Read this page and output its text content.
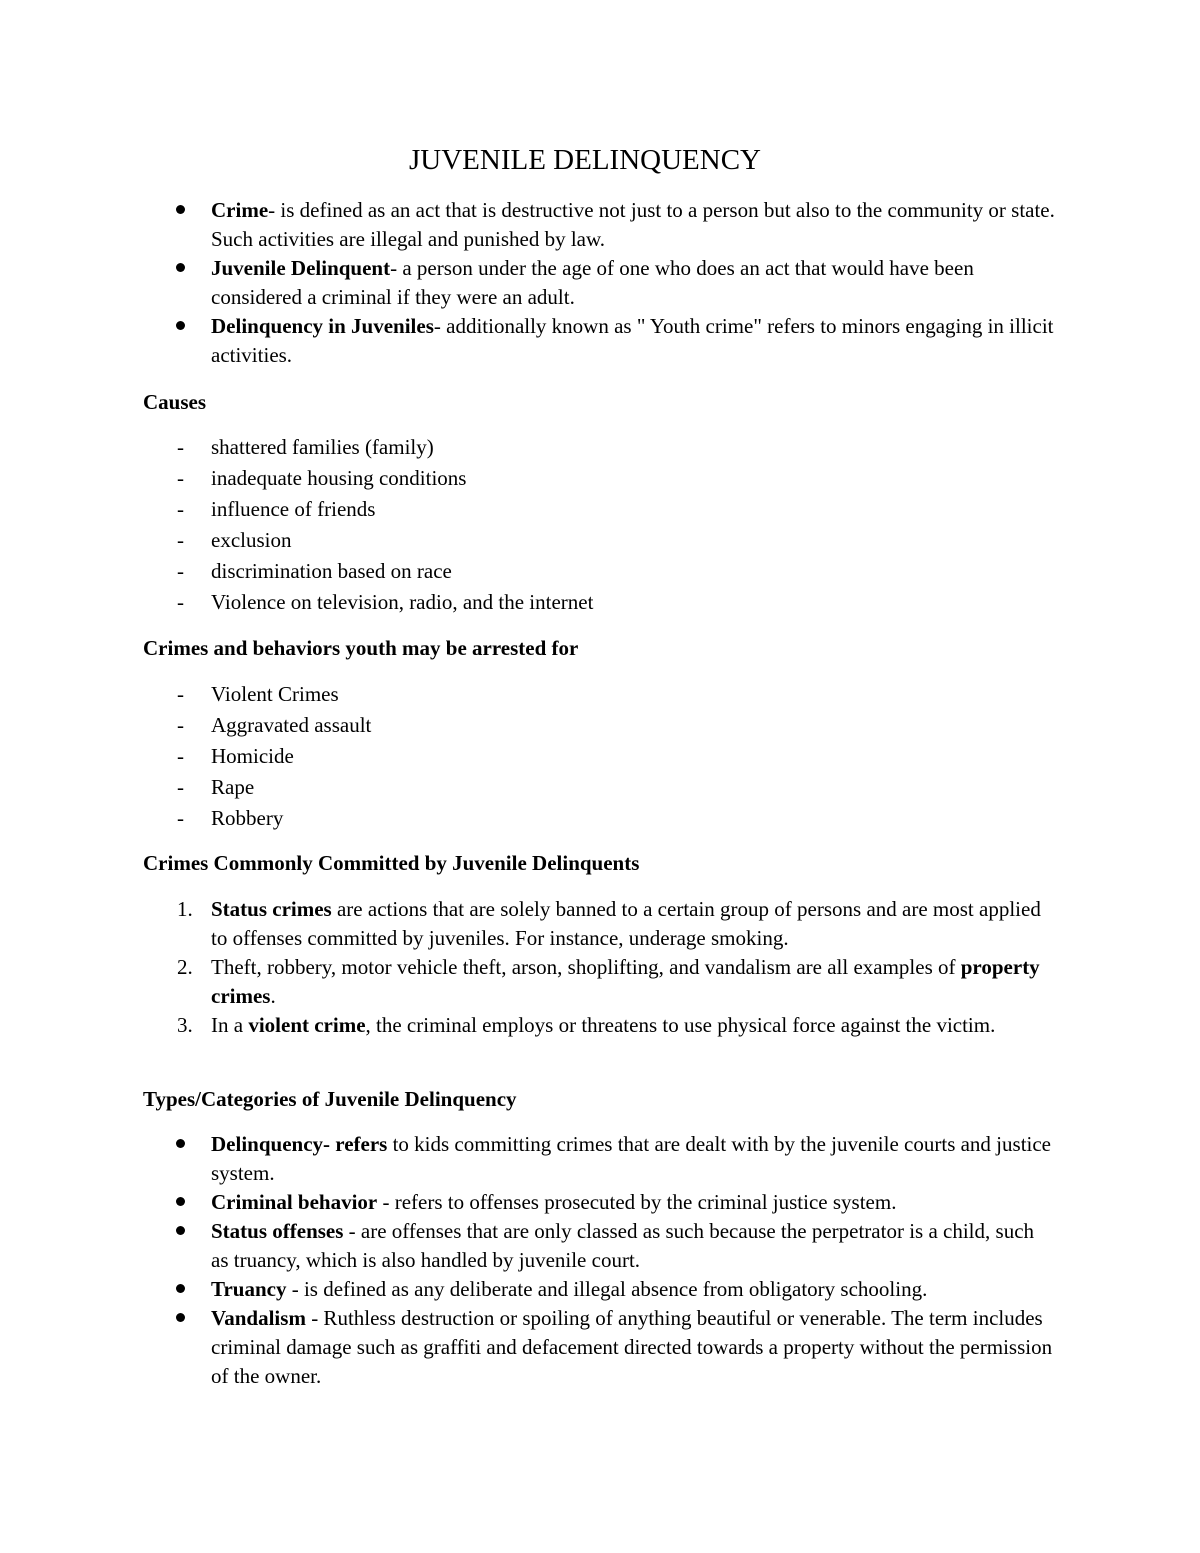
JUVENILE DELINQUENCY
Crime- is defined as an act that is destructive not just to a person but also to the community or state. Such activities are illegal and punished by law.
Juvenile Delinquent- a person under the age of one who does an act that would have been considered a criminal if they were an adult.
Delinquency in Juveniles- additionally known as " Youth crime" refers to minors engaging in illicit activities.
Causes
- shattered families (family)
- inadequate housing conditions
- influence of friends
- exclusion
- discrimination based on race
- Violence on television, radio, and the internet
Crimes and behaviors youth may be arrested for
- Violent Crimes
- Aggravated assault
- Homicide
- Rape
- Robbery
Crimes Commonly Committed by Juvenile Delinquents
1. Status crimes are actions that are solely banned to a certain group of persons and are most applied to offenses committed by juveniles. For instance, underage smoking.
2. Theft, robbery, motor vehicle theft, arson, shoplifting, and vandalism are all examples of property crimes.
3. In a violent crime, the criminal employs or threatens to use physical force against the victim.
Types/Categories of Juvenile Delinquency
Delinquency- refers to kids committing crimes that are dealt with by the juvenile courts and justice system.
Criminal behavior - refers to offenses prosecuted by the criminal justice system.
Status offenses - are offenses that are only classed as such because the perpetrator is a child, such as truancy, which is also handled by juvenile court.
Truancy - is defined as any deliberate and illegal absence from obligatory schooling.
Vandalism - Ruthless destruction or spoiling of anything beautiful or venerable. The term includes criminal damage such as graffiti and defacement directed towards a property without the permission of the owner.
